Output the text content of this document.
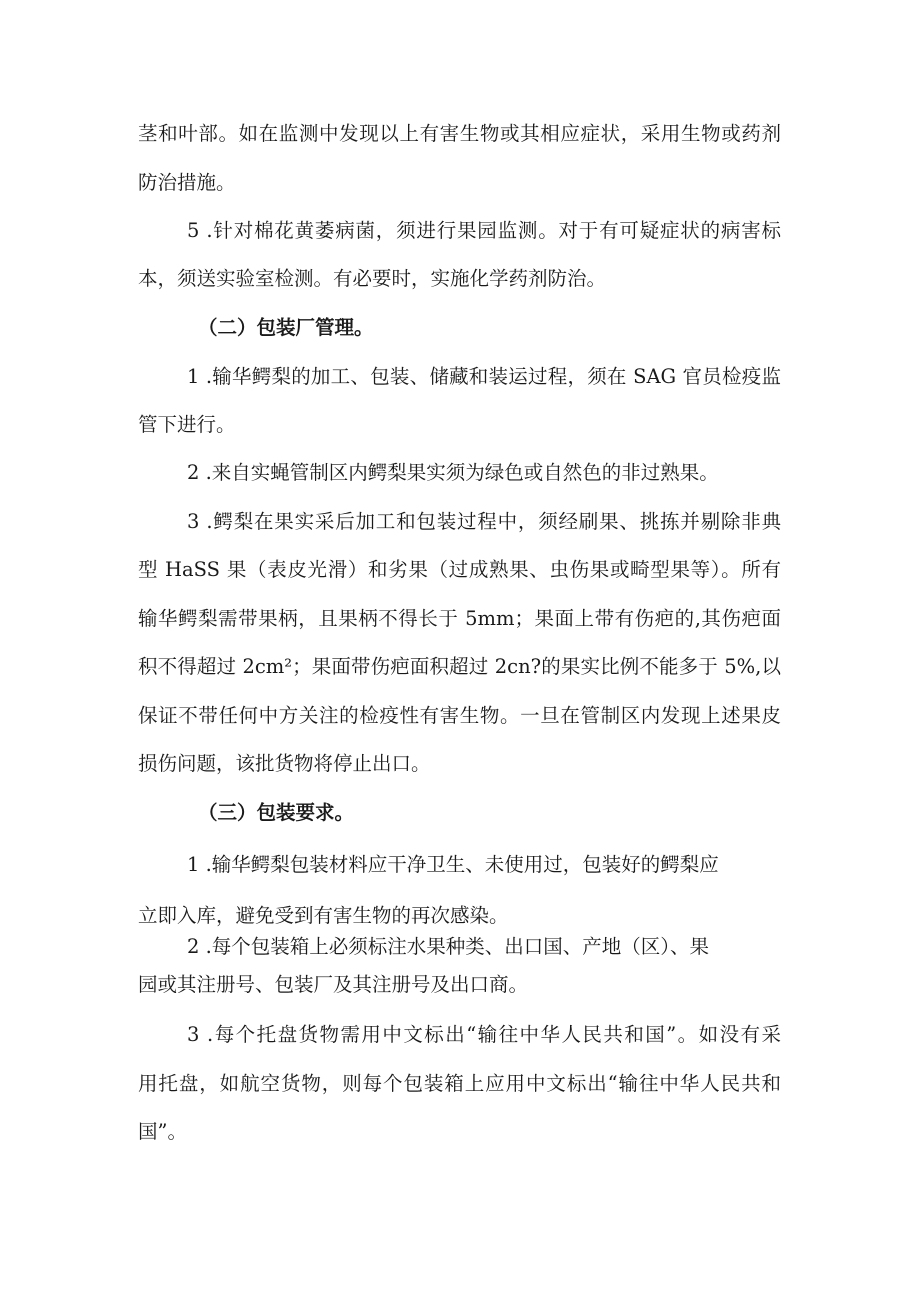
茎和叶部。如在监测中发现以上有害生物或其相应症状，采用生物或药剂

防治措施。

5 .针对棉花黄萎病菌，须进行果园监测。对于有可疑症状的病害标

本，须送实验室检测。有必要时，实施化学药剂防治。

（二）包装厂管理。

1 .输华鳄梨的加工、包装、储藏和装运过程，须在 SAG 官员检疫监

管下进行。

2 .来自实蝇管制区内鳄梨果实须为绿色或自然色的非过熟果。

3 .鳄梨在果实采后加工和包装过程中，须经刷果、挑拣并剔除非典

型 HaSS 果（表皮光滑）和劣果（过成熟果、虫伤果或畸型果等）。所有

输华鳄梨需带果柄，且果柄不得长于 5mm；果面上带有伤疤的,其伤疤面

积不得超过 2cm²；果面带伤疤面积超过 2cn?的果实比例不能多于 5%,以

保证不带任何中方关注的检疫性有害生物。一旦在管制区内发现上述果皮

损伤问题，该批货物将停止出口。

（三）包装要求。

1 .输华鳄梨包装材料应干净卫生、未使用过，包装好的鳄梨应

立即入库，避免受到有害生物的再次感染。

2 .每个包装箱上必须标注水果种类、出口国、产地（区）、果

园或其注册号、包装厂及其注册号及出口商。

3 .每个托盘货物需用中文标出“输往中华人民共和国”。如没有采

用托盘，如航空货物，则每个包装箱上应用中文标出“输往中华人民共和

国”。
